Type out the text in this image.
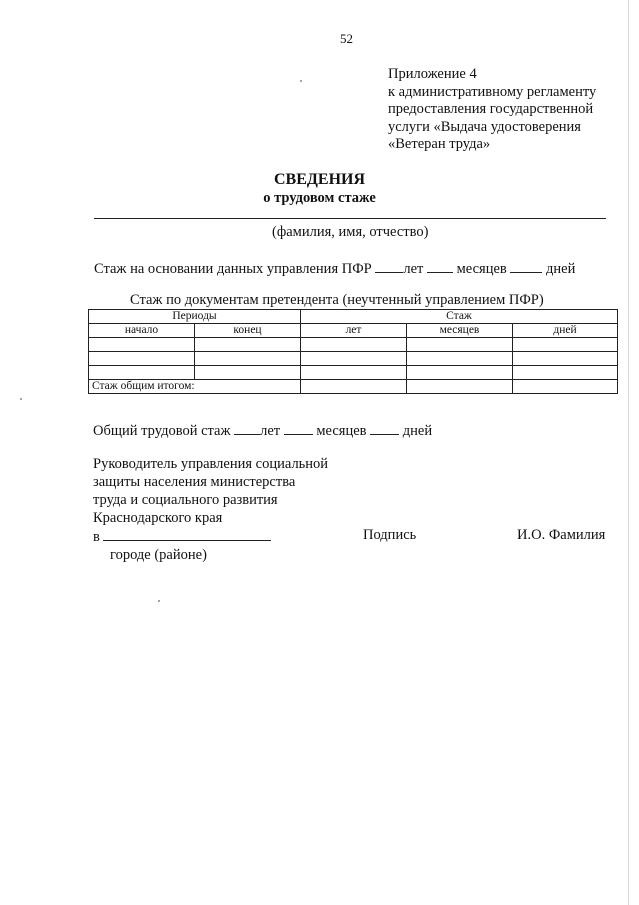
52
Приложение 4
к административному регламенту
предоставления государственной
услуги «Выдача удостоверения
«Ветеран труда»
СВЕДЕНИЯ
о трудовом стаже
(фамилия, имя, отчество)
Стаж на основании данных управления ПФР лет месяцев	дней
Стаж по документам претендента (неучтенный управлением ПФР)
Периоды		Стаж		
начало	конец	лет	месяцев	дней

Стаж общим итогом:				
Общий трудовой стаж лет	месяцев	дней
Руководитель управления социальной
защиты населения министерства
труда и социального развития
Краснодарского края
в
городе (районе)
Подпись	И.О. Фамилия
